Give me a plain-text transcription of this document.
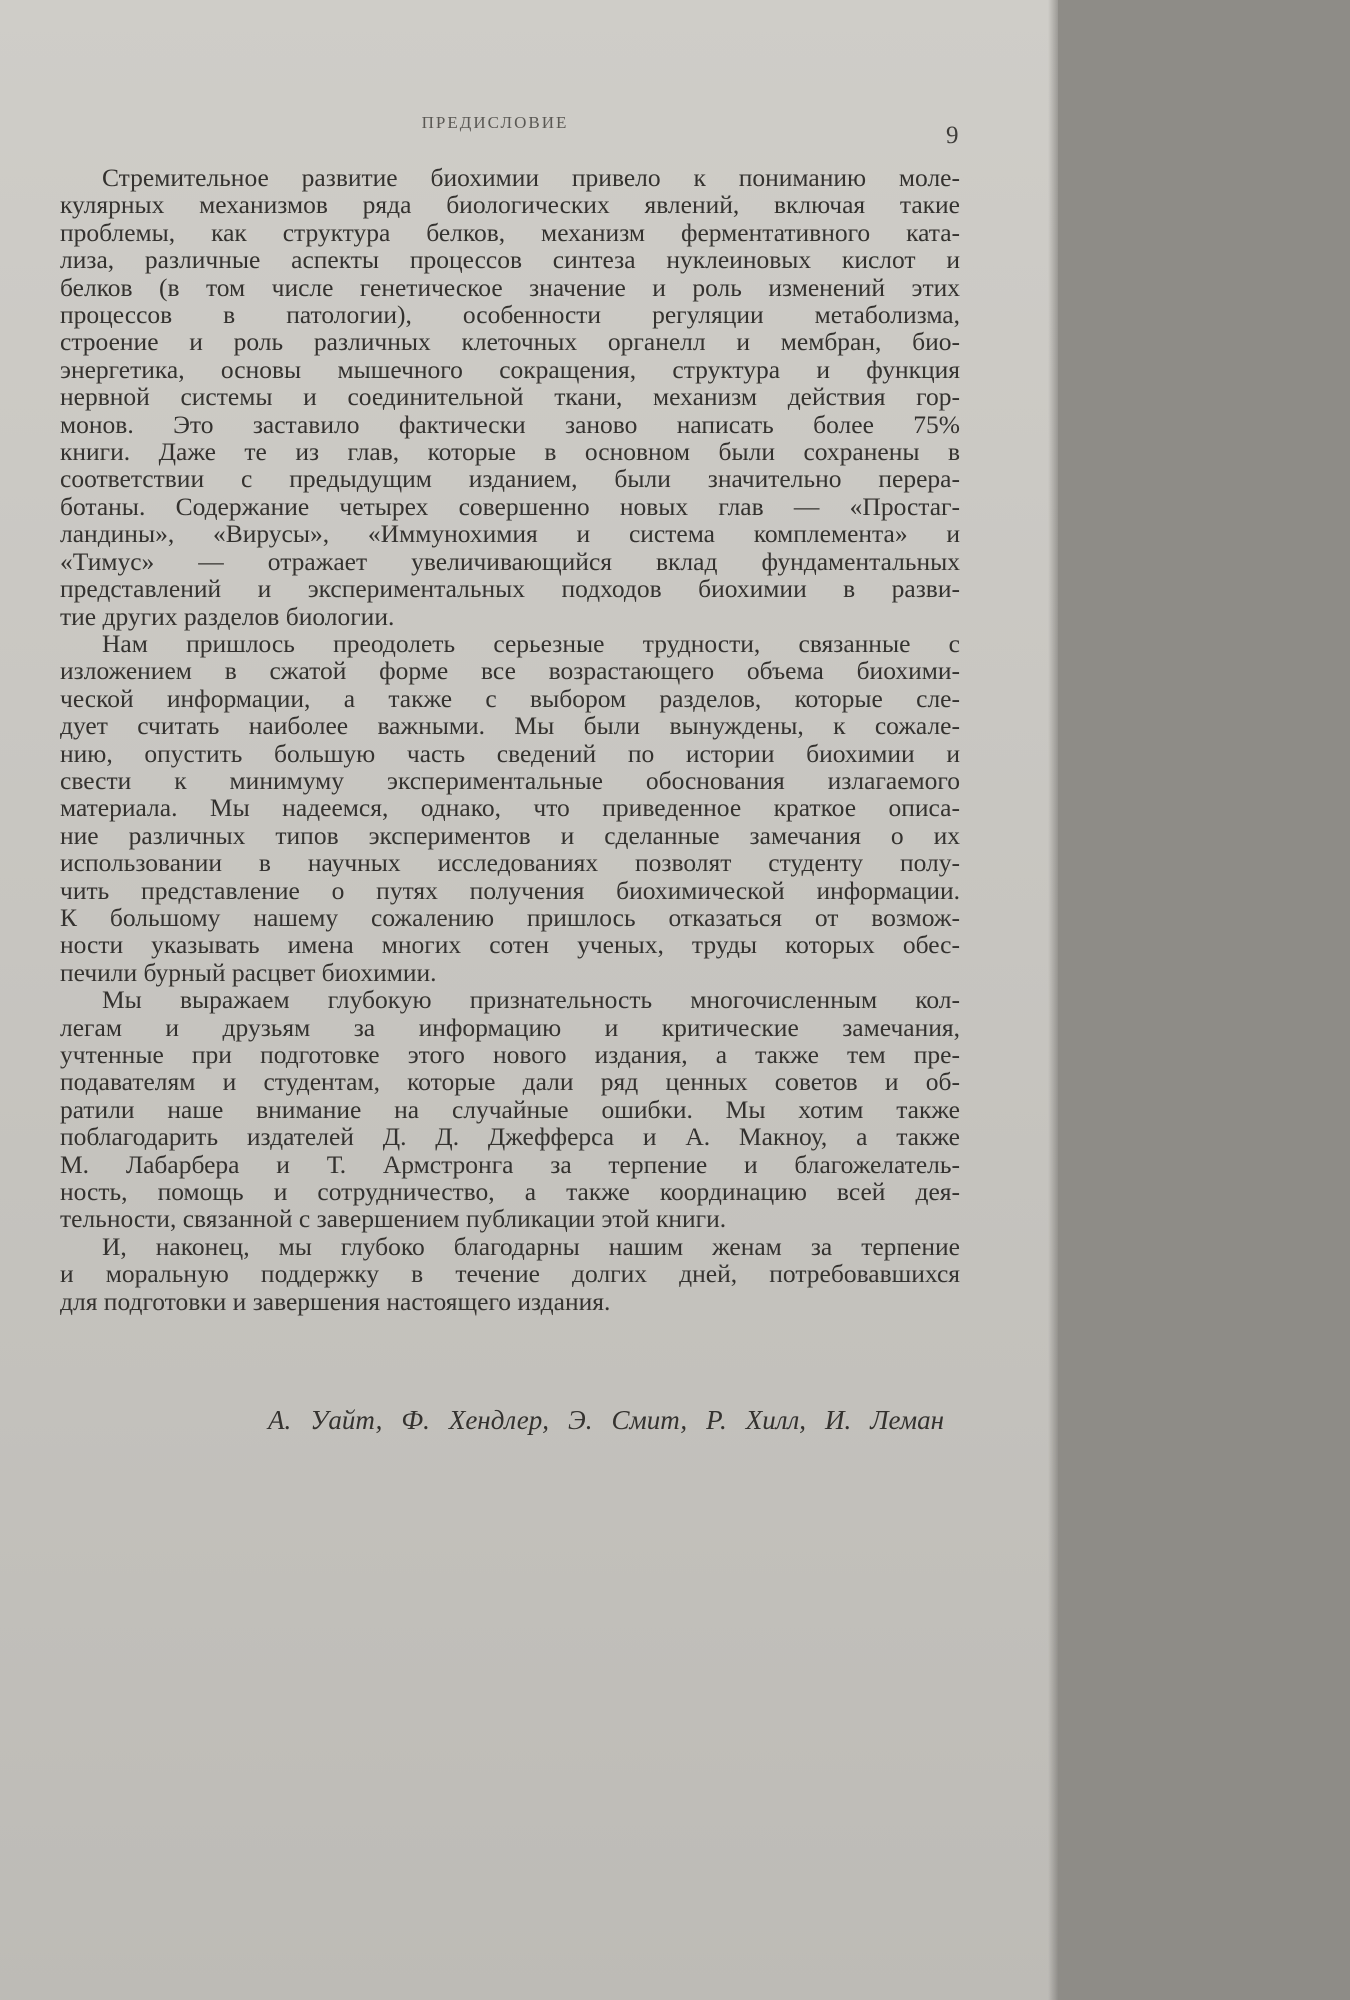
ПРЕДИСЛОВИЕ	9

Стремительное развитие биохимии привело к пониманию моле-
кулярных механизмов ряда биологических явлений, включая такие
проблемы, как структура белков, механизм ферментативного ката-
лиза, различные аспекты процессов синтеза нуклеиновых кислот и
белков (в том числе генетическое значение и роль изменений этих
процессов в патологии), особенности регуляции метаболизма,
строение и роль различных клеточных органелл и мембран, био-
энергетика, основы мышечного сокращения, структура и функция
нервной системы и соединительной ткани, механизм действия гор-
монов. Это заставило фактически заново написать более 75%
книги. Даже те из глав, которые в основном были сохранены в
соответствии с предыдущим изданием, были значительно перера-
ботаны. Содержание четырех совершенно новых глав — «Простаг-
ландины», «Вирусы», «Иммунохимия и система комплемента» и
«Тимус» — отражает увеличивающийся вклад фундаментальных
представлений и экспериментальных подходов биохимии в разви-
тие других разделов биологии.

Нам пришлось преодолеть серьезные трудности, связанные с
изложением в сжатой форме все возрастающего объема биохими-
ческой информации, а также с выбором разделов, которые сле-
дует считать наиболее важными. Мы были вынуждены, к сожале-
нию, опустить большую часть сведений по истории биохимии и
свести к минимуму экспериментальные обоснования излагаемого
материала. Мы надеемся, однако, что приведенное краткое описа-
ние различных типов экспериментов и сделанные замечания о их
использовании в научных исследованиях позволят студенту полу-
чить представление о путях получения биохимической информации.
К большому нашему сожалению пришлось отказаться от возмож-
ности указывать имена многих сотен ученых, труды которых обес-
печили бурный расцвет биохимии.

Мы выражаем глубокую признательность многочисленным кол-
легам и друзьям за информацию и критические замечания,
учтенные при подготовке этого нового издания, а также тем пре-
подавателям и студентам, которые дали ряд ценных советов и об-
ратили наше внимание на случайные ошибки. Мы хотим также
поблагодарить издателей Д. Д. Джефферса и А. Макноу, а также
М. Лабарбера и Т. Армстронга за терпение и благожелатель-
ность, помощь и сотрудничество, а также координацию всей дея-
тельности, связанной с завершением публикации этой книги.

И, наконец, мы глубоко благодарны нашим женам за терпение
и моральную поддержку в течение долгих дней, потребовавшихся
для подготовки и завершения настоящего издания.

А. Уайт, Ф. Хендлер, Э. Смит, Р. Хилл, И. Леман
